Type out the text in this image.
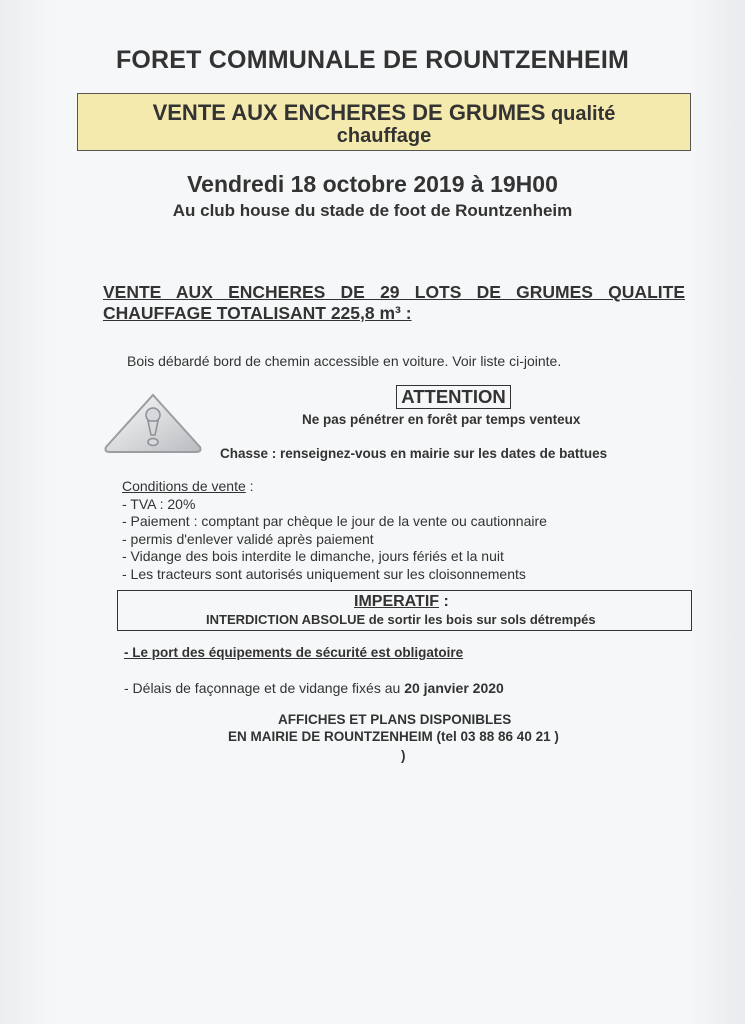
FORET COMMUNALE DE ROUNTZENHEIM
VENTE AUX ENCHERES DE GRUMES qualité
chauffage
Vendredi 18 octobre 2019 à 19H00
Au club house du stade de foot de Rountzenheim
VENTE AUX ENCHERES DE 29 LOTS DE GRUMES QUALITE
CHAUFFAGE TOTALISANT 225,8 m³ :
Bois débardé bord de chemin accessible en voiture. Voir liste ci-jointe.
ATTENTION
Ne pas pénétrer en forêt par temps venteux
Chasse : renseignez-vous en mairie sur les dates de battues
Conditions de vente :
- TVA : 20%
- Paiement : comptant par chèque le jour de la vente ou cautionnaire
- permis d'enlever validé après paiement
- Vidange des bois interdite le dimanche, jours fériés et la nuit
- Les tracteurs sont autorisés uniquement sur les cloisonnements
IMPERATIF :
INTERDICTION ABSOLUE de sortir les bois sur sols détrempés
- Le port des équipements de sécurité est obligatoire
- Délais de façonnage et de vidange fixés au 20 janvier 2020
AFFICHES ET PLANS DISPONIBLES
EN MAIRIE DE ROUNTZENHEIM (tel 03 88 86 40 21 )
)
